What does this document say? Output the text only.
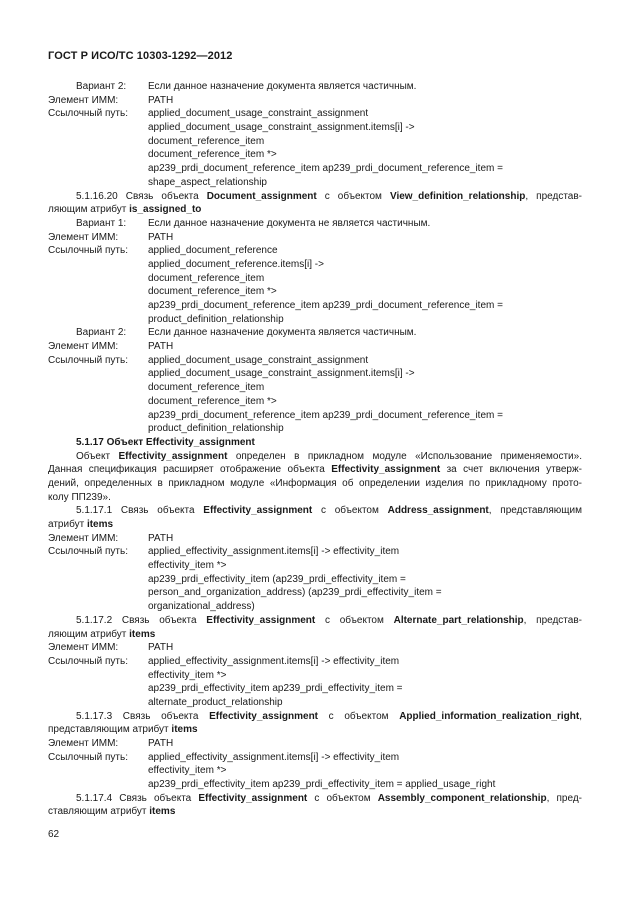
ГОСТ Р ИСО/ТС 10303-1292—2012
Вариант 2:	Если данное назначение документа является частичным.
Элемент ИММ:	PATH
Ссылочный путь:	applied_document_usage_constraint_assignment
applied_document_usage_constraint_assignment.items[i] ->
document_reference_item
document_reference_item *>
ap239_prdi_document_reference_item ap239_prdi_document_reference_item =
shape_aspect_relationship
5.1.16.20 Связь объекта Document_assignment с объектом View_definition_relationship, представ-
ляющим атрибут is_assigned_to
Вариант 1:	Если данное назначение документа не является частичным.
Элемент ИММ:	PATH
Ссылочный путь:	applied_document_reference
applied_document_reference.items[i] ->
document_reference_item
document_reference_item *>
ap239_prdi_document_reference_item ap239_prdi_document_reference_item =
product_definition_relationship
Вариант 2:	Если данное назначение документа является частичным.
Элемент ИММ:	PATH
Ссылочный путь:	applied_document_usage_constraint_assignment
applied_document_usage_constraint_assignment.items[i] ->
document_reference_item
document_reference_item *>
ap239_prdi_document_reference_item ap239_prdi_document_reference_item =
product_definition_relationship
5.1.17 Объект Effectivity_assignment
Объект Effectivity_assignment определен в прикладном модуле «Использование применяемости».
Данная спецификация расширяет отображение объекта Effectivity_assignment за счет включения утверж-
дений, определенных в прикладном модуле «Информация об определении изделия по прикладному прото-
колу ПП239».
5.1.17.1 Связь объекта Effectivity_assignment с объектом Address_assignment, представляющим
атрибут items
Элемент ИММ:	PATH
Ссылочный путь:	applied_effectivity_assignment.items[i] -> effectivity_item
effectivity_item *>
ap239_prdi_effectivity_item (ap239_prdi_effectivity_item =
person_and_organization_address) (ap239_prdi_effectivity_item =
organizational_address)
5.1.17.2 Связь объекта Effectivity_assignment с объектом Alternate_part_relationship, представ-
ляющим атрибут items
Элемент ИММ:	PATH
Ссылочный путь:	applied_effectivity_assignment.items[i] -> effectivity_item
effectivity_item *>
ap239_prdi_effectivity_item ap239_prdi_effectivity_item =
alternate_product_relationship
5.1.17.3 Связь объекта Effectivity_assignment с объектом Applied_information_realization_right,
представляющим атрибут items
Элемент ИММ:	PATH
Ссылочный путь:	applied_effectivity_assignment.items[i] -> effectivity_item
effectivity_item *>
ap239_prdi_effectivity_item ap239_prdi_effectivity_item = applied_usage_right
5.1.17.4 Связь объекта Effectivity_assignment с объектом Assembly_component_relationship, пред-
ставляющим атрибут items
62
